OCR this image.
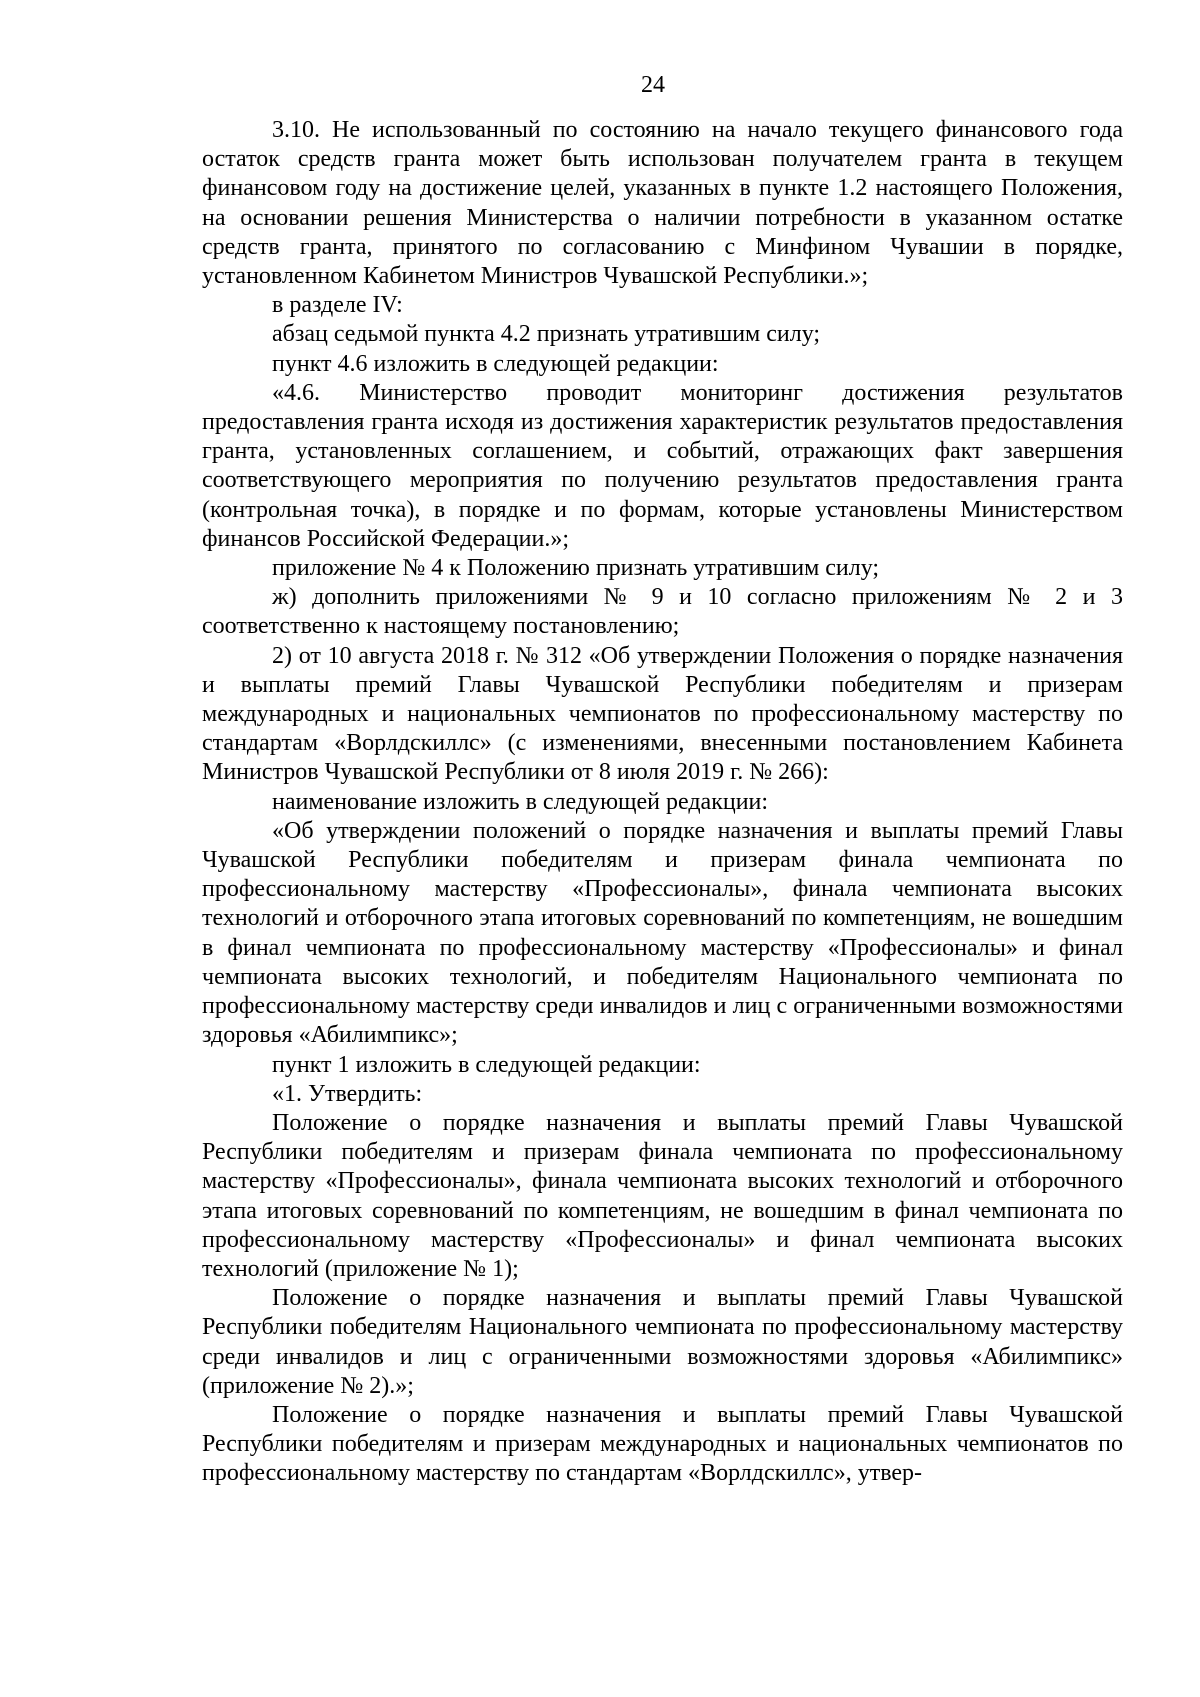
24

3.10. Не использованный по состоянию на начало текущего финансового года остаток средств гранта может быть использован получателем гранта в текущем финансовом году на достижение целей, указанных в пункте 1.2 настоящего Положения, на основании решения Министерства о наличии потребности в указанном остатке средств гранта, принятого по согласованию с Минфином Чувашии в порядке, установленном Кабинетом Министров Чувашской Республики.»;

в разделе IV:

абзац седьмой пункта 4.2 признать утратившим силу;

пункт 4.6 изложить в следующей редакции:

«4.6. Министерство проводит мониторинг достижения результатов предоставления гранта исходя из достижения характеристик результатов предоставления гранта, установленных соглашением, и событий, отражающих факт завершения соответствующего мероприятия по получению результатов предоставления гранта (контрольная точка), в порядке и по формам, которые установлены Министерством финансов Российской Федерации.»;

приложение № 4 к Положению признать утратившим силу;

ж) дополнить приложениями № 9 и 10 согласно приложениям № 2 и 3 соответственно к настоящему постановлению;

2) от 10 августа 2018 г. № 312 «Об утверждении Положения о порядке назначения и выплаты премий Главы Чувашской Республики победителям и призерам международных и национальных чемпионатов по профессиональному мастерству по стандартам «Ворлдскиллс» (с изменениями, внесенными постановлением Кабинета Министров Чувашской Республики от 8 июля 2019 г. № 266):

наименование изложить в следующей редакции:

«Об утверждении положений о порядке назначения и выплаты премий Главы Чувашской Республики победителям и призерам финала чемпионата по профессиональному мастерству «Профессионалы», финала чемпионата высоких технологий и отборочного этапа итоговых соревнований по компетенциям, не вошедшим в финал чемпионата по профессиональному мастерству «Профессионалы» и финал чемпионата высоких технологий, и победителям Национального чемпионата по профессиональному мастерству среди инвалидов и лиц с ограниченными возможностями здоровья «Абилимпикс»;

пункт 1 изложить в следующей редакции:

«1. Утвердить:

Положение о порядке назначения и выплаты премий Главы Чувашской Республики победителям и призерам финала чемпионата по профессиональному мастерству «Профессионалы», финала чемпионата высоких технологий и отборочного этапа итоговых соревнований по компетенциям, не вошедшим в финал чемпионата по профессиональному мастерству «Профессионалы» и финал чемпионата высоких технологий (приложение № 1);

Положение о порядке назначения и выплаты премий Главы Чувашской Республики победителям Национального чемпионата по профессиональному мастерству среди инвалидов и лиц с ограниченными возможностями здоровья «Абилимпикс» (приложение № 2).»;

Положение о порядке назначения и выплаты премий Главы Чувашской Республики победителям и призерам международных и национальных чемпионатов по профессиональному мастерству по стандартам «Ворлдскиллс», утвер-
